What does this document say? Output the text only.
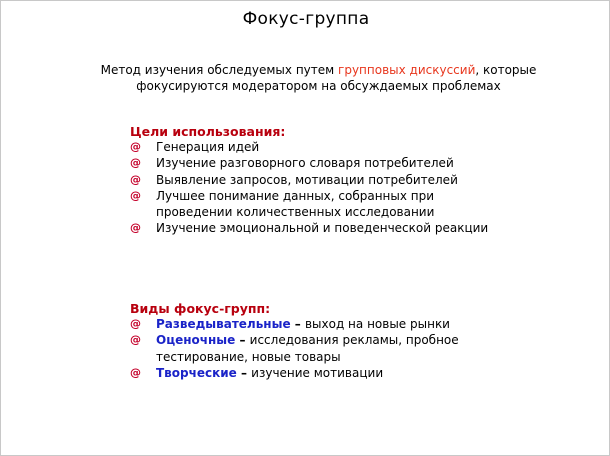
Фокус-группа
Метод изучения обследуемых путем групповых дискуссий, которые фокусируются модератором на обсуждаемых проблемах
Цели использования:
@ Генерация идей
@ Изучение разговорного словаря потребителей
@ Выявление запросов, мотивации потребителей
@ Лучшее понимание данных, собранных при проведении количественных исследовании
@ Изучение эмоциональной и поведенческой реакции
Виды фокус-групп:
@ Разведывательные – выход на новые рынки
@ Оценочные – исследования рекламы, пробное тестирование, новые товары
@ Творческие – изучение мотивации
